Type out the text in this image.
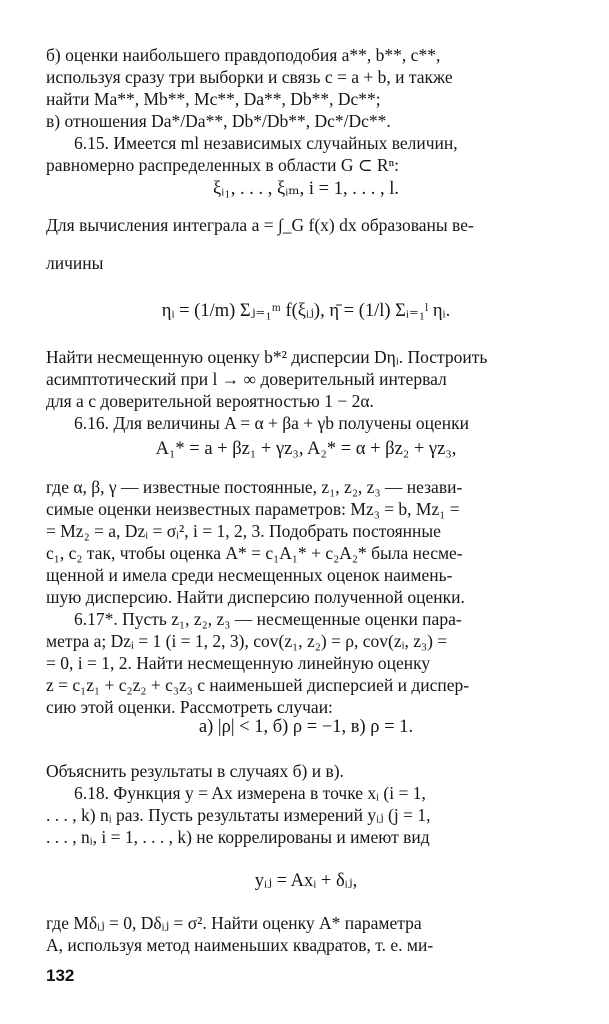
б) оценки наибольшего правдоподобия a**, b**, c**,
используя сразу три выборки и связь c = a + b, и также
найти Ma**, Mb**, Mc**, Da**, Db**, Dc**;
в) отношения Da*/Da**, Db*/Db**, Dc*/Dc**.
6.15. Имеется ml независимых случайных величин,
равномерно распределенных в области G ⊂ Rⁿ:
ξᵢ₁, . . . , ξᵢₘ, i = 1, . . . , l.
Для вычисления интеграла a = ∫_G f(x) dx образованы ве-
личины
ηᵢ = (1/m) Σⱼ₌₁ᵐ f(ξᵢⱼ), η̄ = (1/l) Σᵢ₌₁ˡ ηᵢ.
Найти несмещенную оценку b*² дисперсии Dηᵢ. Построить
асимптотический при l → ∞ доверительный интервал
для a с доверительной вероятностью 1 − 2α.
6.16. Для величины A = α + βa + γb получены оценки
A₁* = a + βz₁ + γz₃, A₂* = α + βz₂ + γz₃,
где α, β, γ — известные постоянные, z₁, z₂, z₃ — незави-
симые оценки неизвестных параметров: Mz₃ = b, Mz₁ =
= Mz₂ = a, Dzᵢ = σᵢ², i = 1, 2, 3. Подобрать постоянные
c₁, c₂ так, чтобы оценка A* = c₁A₁* + c₂A₂* была несме-
щенной и имела среди несмещенных оценок наимень-
шую дисперсию. Найти дисперсию полученной оценки.
6.17*. Пусть z₁, z₂, z₃ — несмещенные оценки пара-
метра a; Dzᵢ = 1 (i = 1, 2, 3), cov(z₁, z₂) = ρ, cov(zᵢ, z₃) =
= 0, i = 1, 2. Найти несмещенную линейную оценку
z = c₁z₁ + c₂z₂ + c₃z₃ с наименьшей дисперсией и диспер-
сию этой оценки. Рассмотреть случаи:
а) |ρ| < 1, б) ρ = −1, в) ρ = 1.
Объяснить результаты в случаях б) и в).
6.18. Функция y = Ax измерена в точке xᵢ (i = 1,
. . . , k) nᵢ раз. Пусть результаты измерений yᵢⱼ (j = 1,
. . . , nᵢ, i = 1, . . . , k) не коррелированы и имеют вид
yᵢⱼ = Axᵢ + δᵢⱼ,
где Mδᵢⱼ = 0, Dδᵢⱼ = σ². Найти оценку A* параметра
A, используя метод наименьших квадратов, т. е. ми-
132
